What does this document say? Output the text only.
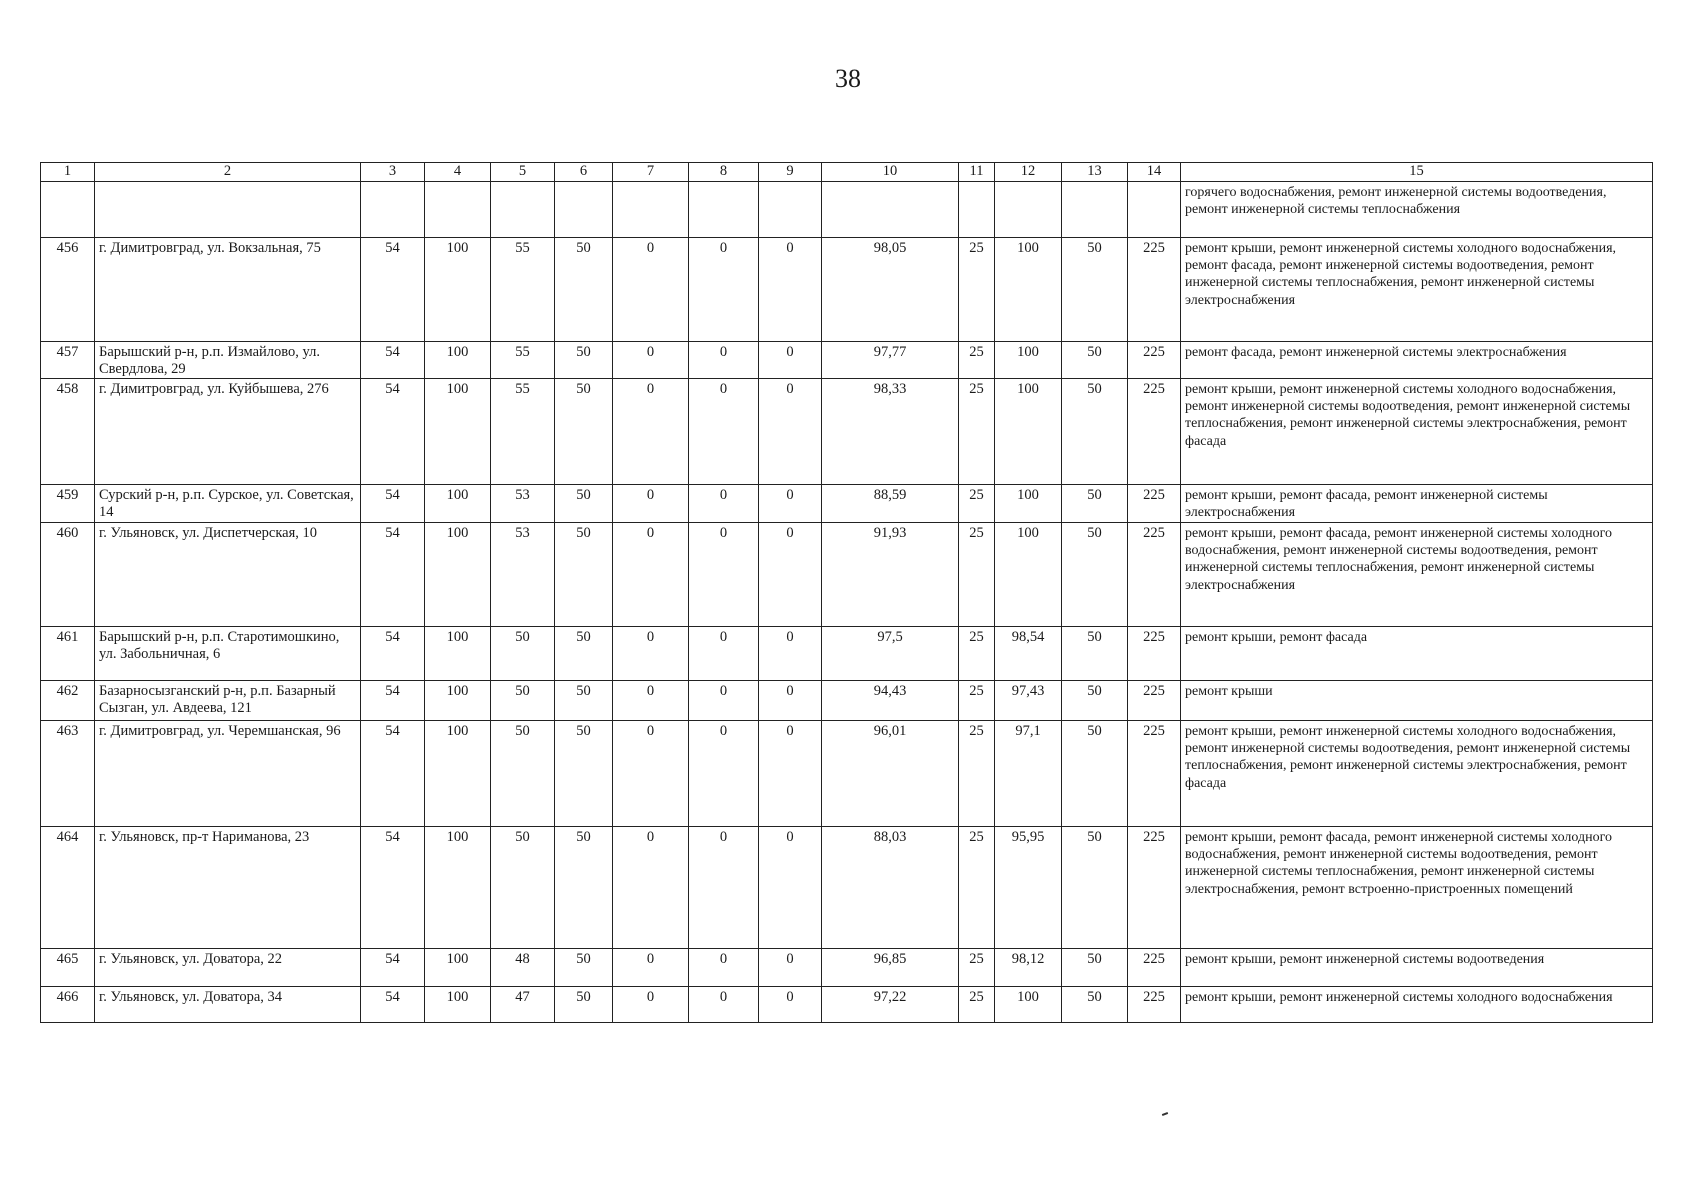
38
1	2	3	4	5	6	7	8	9	10	11	12	13	14	15
														горячего водоснабжения, ремонт инженерной системы водоотведения, ремонт инженерной системы теплоснабжения
456	г. Димитровград, ул. Вокзальная, 75	54	100	55	50	0	0	0	98,05	25	100	50	225	ремонт крыши, ремонт инженерной системы холодного водоснабжения, ремонт фасада, ремонт инженерной системы водоотведения, ремонт инженерной системы теплоснабжения, ремонт инженерной системы электроснабжения
457	Барышский р-н, р.п. Измайлово, ул. Свердлова, 29	54	100	55	50	0	0	0	97,77	25	100	50	225	ремонт фасада, ремонт инженерной системы электроснабжения
458	г. Димитровград, ул. Куйбышева, 276	54	100	55	50	0	0	0	98,33	25	100	50	225	ремонт крыши, ремонт инженерной системы холодного водоснабжения, ремонт инженерной системы водоотведения, ремонт инженерной системы теплоснабжения, ремонт инженерной системы электроснабжения, ремонт фасада
459	Сурский р-н, р.п. Сурское, ул. Советская, 14	54	100	53	50	0	0	0	88,59	25	100	50	225	ремонт крыши, ремонт фасада, ремонт инженерной системы электроснабжения
460	г. Ульяновск, ул. Диспетчерская, 10	54	100	53	50	0	0	0	91,93	25	100	50	225	ремонт крыши, ремонт фасада, ремонт инженерной системы холодного водоснабжения, ремонт инженерной системы водоотведения, ремонт инженерной системы теплоснабжения, ремонт инженерной системы электроснабжения
461	Барышский р-н, р.п. Старотимошкино, ул. Забольничная, 6	54	100	50	50	0	0	0	97,5	25	98,54	50	225	ремонт крыши, ремонт фасада
462	Базарносызганский р-н, р.п. Базарный Сызган, ул. Авдеева, 121	54	100	50	50	0	0	0	94,43	25	97,43	50	225	ремонт крыши
463	г. Димитровград, ул. Черемшанская, 96	54	100	50	50	0	0	0	96,01	25	97,1	50	225	ремонт крыши, ремонт инженерной системы холодного водоснабжения, ремонт инженерной системы водоотведения, ремонт инженерной системы теплоснабжения, ремонт инженерной системы электроснабжения, ремонт фасада
464	г. Ульяновск, пр-т Нариманова, 23	54	100	50	50	0	0	0	88,03	25	95,95	50	225	ремонт крыши, ремонт фасада, ремонт инженерной системы холодного водоснабжения, ремонт инженерной системы водоотведения, ремонт инженерной системы теплоснабжения, ремонт инженерной системы электроснабжения, ремонт встроенно-пристроенных помещений
465	г. Ульяновск, ул. Доватора, 22	54	100	48	50	0	0	0	96,85	25	98,12	50	225	ремонт крыши, ремонт инженерной системы водоотведения
466	г. Ульяновск, ул. Доватора, 34	54	100	47	50	0	0	0	97,22	25	100	50	225	ремонт крыши, ремонт инженерной системы холодного водоснабжения
